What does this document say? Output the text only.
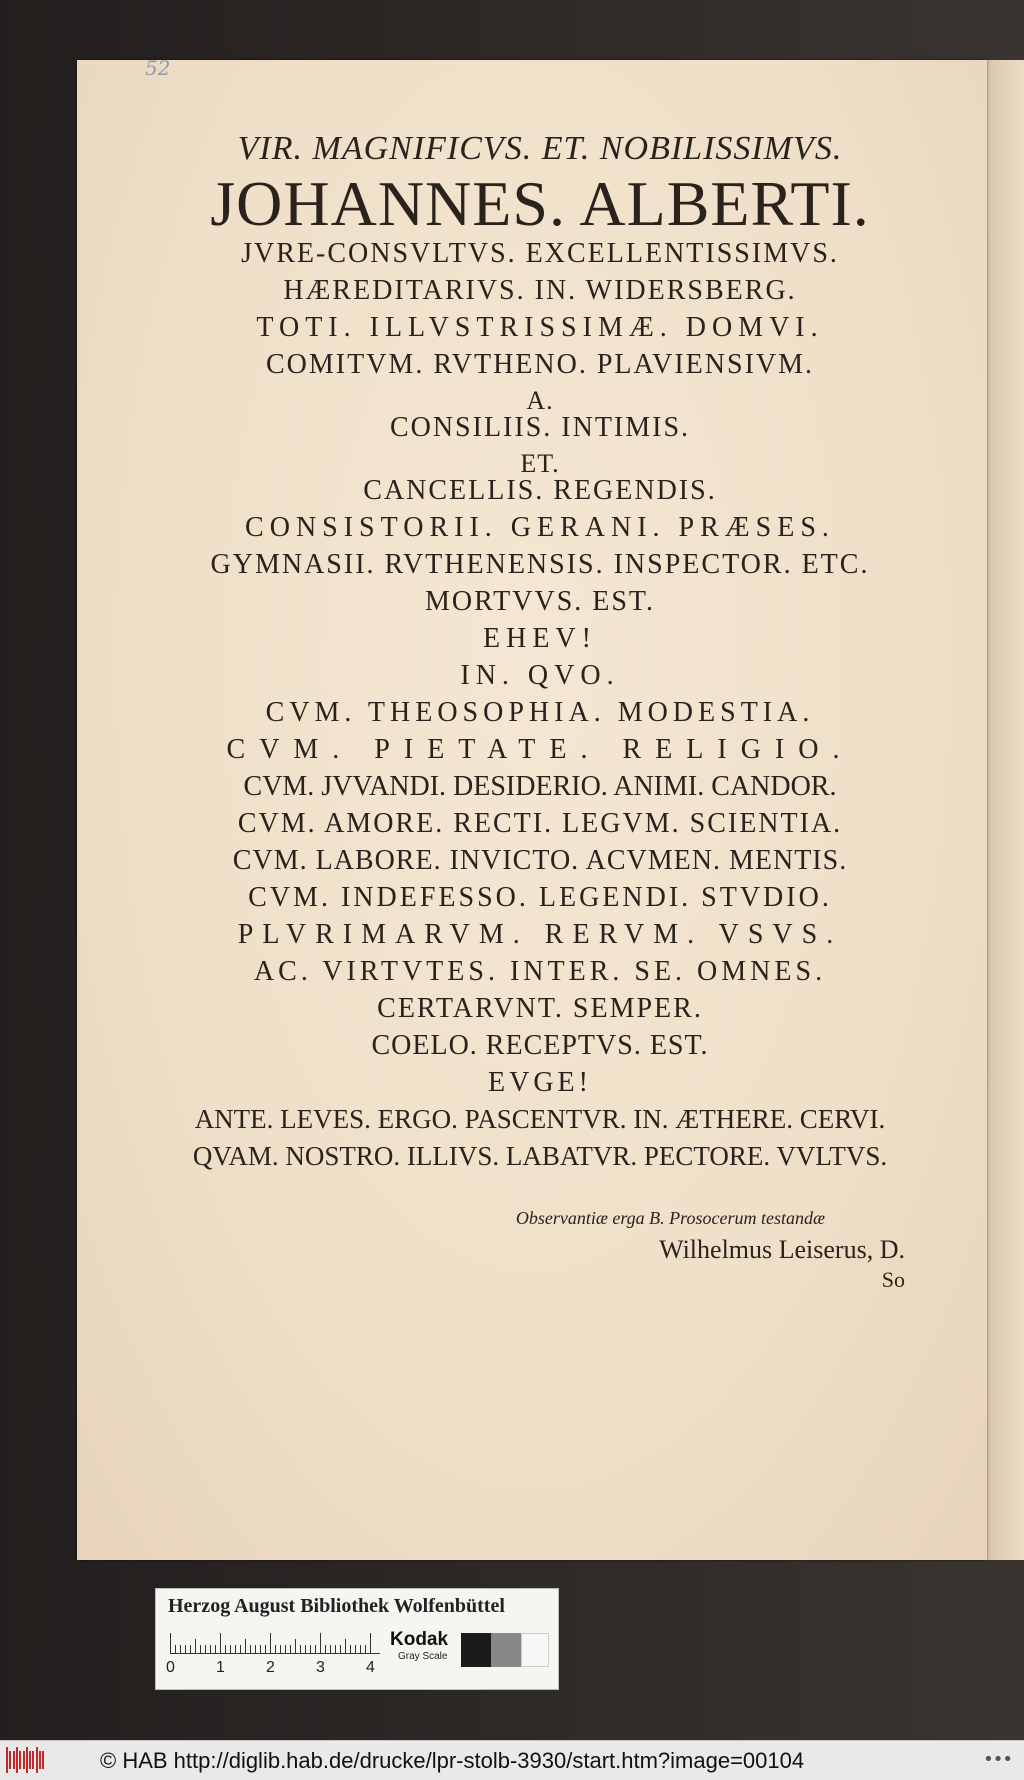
52
VIR. MAGNIFICVS. ET. NOBILISSIMVS.
JOHANNES. ALBERTI.
JVRE-CONSVLTVS. EXCELLENTISSIMVS.
HÆREDITARIVS. IN. WIDERSBERG.
TOTI. ILLVSTRISSIMÆ. DOMVI.
COMITVM. RVTHENO. PLAVIENSIVM.
A.
CONSILIIS. INTIMIS.
ET.
CANCELLIS. REGENDIS.
CONSISTORII. GERANI. PRÆSES.
GYMNASII. RVTHENENSIS. INSPECTOR. ETC.
MORTVVS. EST.
EHEV!
IN. QVO.
CVM. THEOSOPHIA. MODESTIA.
CVM. PIETATE. RELIGIO.
CVM. JVVANDI. DESIDERIO. ANIMI. CANDOR.
CVM. AMORE. RECTI. LEGVM. SCIENTIA.
CVM. LABORE. INVICTO. ACVMEN. MENTIS.
CVM. INDEFESSO. LEGENDI. STVDIO.
PLVRIMARVM. RERVM. VSVS.
AC. VIRTVTES. INTER. SE. OMNES.
CERTARVNT. SEMPER.
COELO. RECEPTVS. EST.
EVGE!
ANTE. LEVES. ERGO. PASCENTVR. IN. ÆTHERE. CERVI.
QVAM. NOSTRO. ILLIVS. LABATVR. PECTORE. VVLTVS.
Observantiæ erga B. Prosocerum testandæ
Wilhelmus Leiserus, D.
So
Herzog August Bibliothek Wolfenbüttel
0	1	2	3	4
Kodak
Gray Scale
© HAB http://diglib.hab.de/drucke/lpr-stolb-3930/start.htm?image=00104	•••
